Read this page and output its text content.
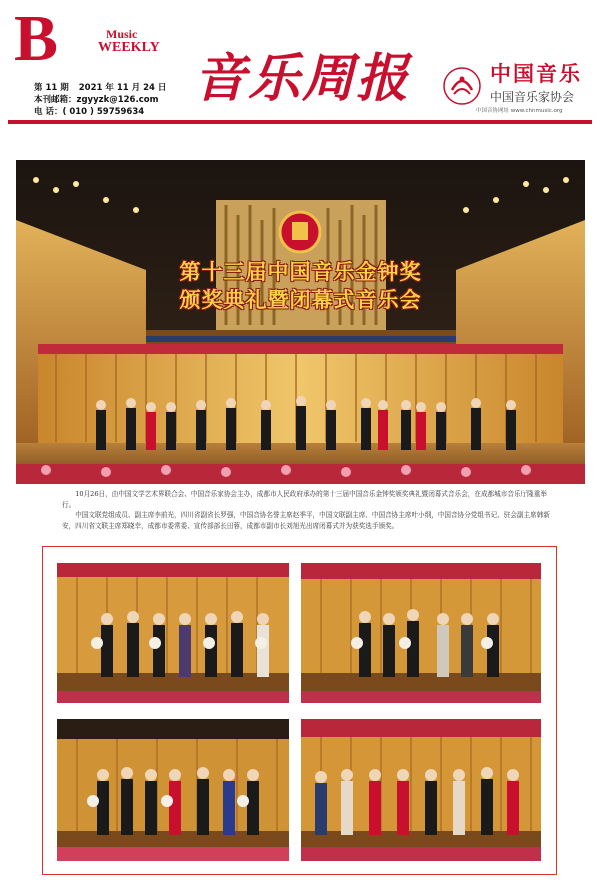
B	Music
WEEKLY
第 11 期 2021 年 11 月 24 日
本刊邮箱：zgyyzk@126.com
电 话：( 010 ) 59759634
音乐周报	中国音乐
中国音乐家协会
中国音协网址 www.chnmusic.org
第十三届中国音乐金钟奖
颁奖典礼暨闭幕式音乐会

10月26日，由中国文学艺术界联合会、中国音乐家协会主办，成都市人民政府承办的第十三届中国音乐金钟奖颁奖典礼暨闭幕式音乐会，在成都城市音乐厅隆重举行。

中国文联党组成员、副主席李前光，四川省副省长罗强，中国音协名誉主席赵季平，中国文联副主席、中国音协主席叶小纲，中国音协分党组书记、驻会副主席韩新安，四川省文联主席郑晓幸，成都市委常委、宣传部部长田蓉，成都市副市长刘旭光出席闭幕式并为获奖选手颁奖。
